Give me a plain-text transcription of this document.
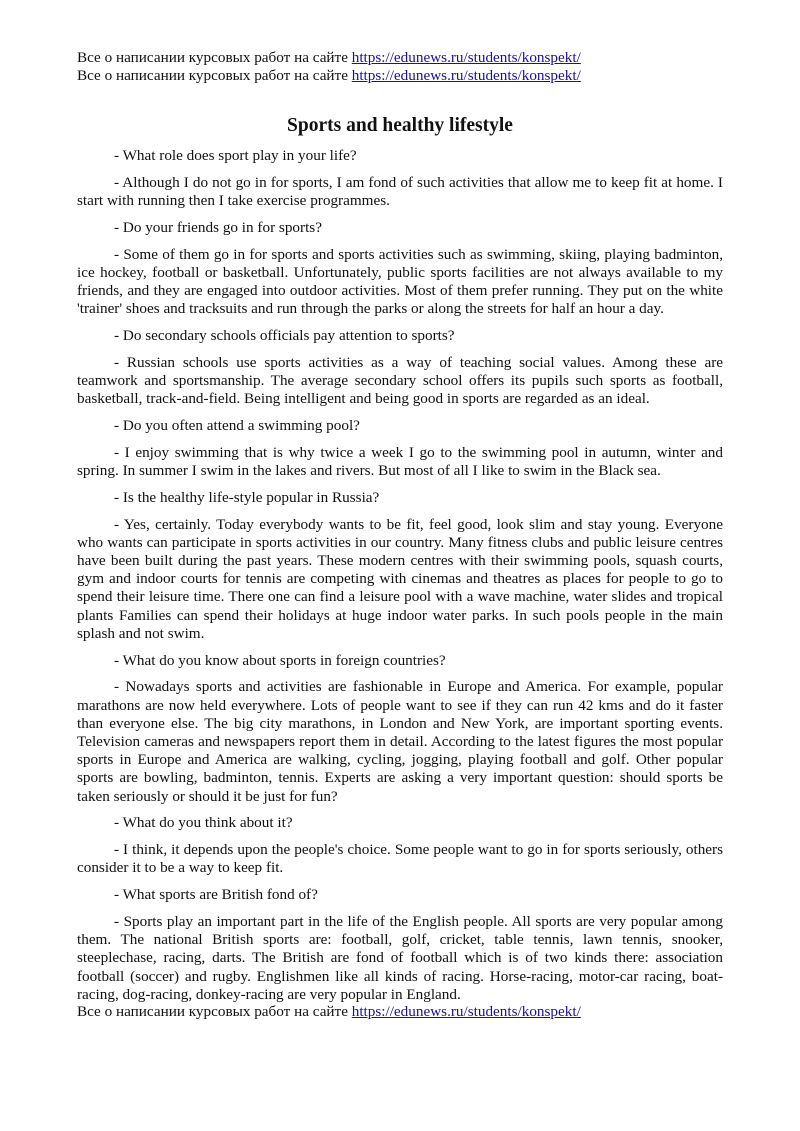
Все о написании курсовых работ на сайте https://edunews.ru/students/konspekt/

Все о написании курсовых работ на сайте https://edunews.ru/students/konspekt/

Sports and healthy lifestyle

- What role does sport play in your life?

- Although I do not go in for sports, I am fond of such activities that allow me to keep fit at home. I start with running then I take exercise programmes.

- Do your friends go in for sports?

- Some of them go in for sports and sports activities such as swimming, skiing, playing badminton, ice hockey, football or basketball. Unfortunately, public sports facilities are not always available to my friends, and they are engaged into outdoor activities. Most of them prefer running. They put on the white 'trainer' shoes and tracksuits and run through the parks or along the streets for half an hour a day.

- Do secondary schools officials pay attention to sports?

- Russian schools use sports activities as a way of teaching social values. Among these are teamwork and sportsmanship. The average secondary school offers its pupils such sports as football, basketball, track-and-field. Being intelligent and being good in sports are regarded as an ideal.

- Do you often attend a swimming pool?

- I enjoy swimming that is why twice a week I go to the swimming pool in autumn, winter and spring. In summer I swim in the lakes and rivers. But most of all I like to swim in the Black sea.

- Is the healthy life-style popular in Russia?

- Yes, certainly. Today everybody wants to be fit, feel good, look slim and stay young. Everyone who wants can participate in sports activities in our country. Many fitness clubs and public leisure centres have been built during the past years. These modern centres with their swimming pools, squash courts, gym and indoor courts for tennis are competing with cinemas and theatres as places for people to go to spend their leisure time. There one can find a leisure pool with a wave machine, water slides and tropical plants Families can spend their holidays at huge indoor water parks. In such pools people in the main splash and not swim.

- What do you know about sports in foreign countries?

- Nowadays sports and activities are fashionable in Europe and America. For example, popular marathons are now held everywhere. Lots of people want to see if they can run 42 kms and do it faster than everyone else. The big city marathons, in London and New York, are important sporting events. Television cameras and newspapers report them in detail. According to the latest figures the most popular sports in Europe and America are walking, cycling, jogging, playing football and golf. Other popular sports are bowling, badminton, tennis. Experts are asking a very important question: should sports be taken seriously or should it be just for fun?

- What do you think about it?

- I think, it depends upon the people's choice. Some people want to go in for sports seriously, others consider it to be a way to keep fit.

- What sports are British fond of?

- Sports play an important part in the life of the English people. All sports are very popular among them. The national British sports are: football, golf, cricket, table tennis, lawn tennis, snooker, steeplechase, racing, darts. The British are fond of football which is of two kinds there: association football (soccer) and rugby. Englishmen like all kinds of racing. Horse-racing, motor-car racing, boat-racing, dog-racing, donkey-racing are very popular in England.

Все о написании курсовых работ на сайте https://edunews.ru/students/konspekt/
